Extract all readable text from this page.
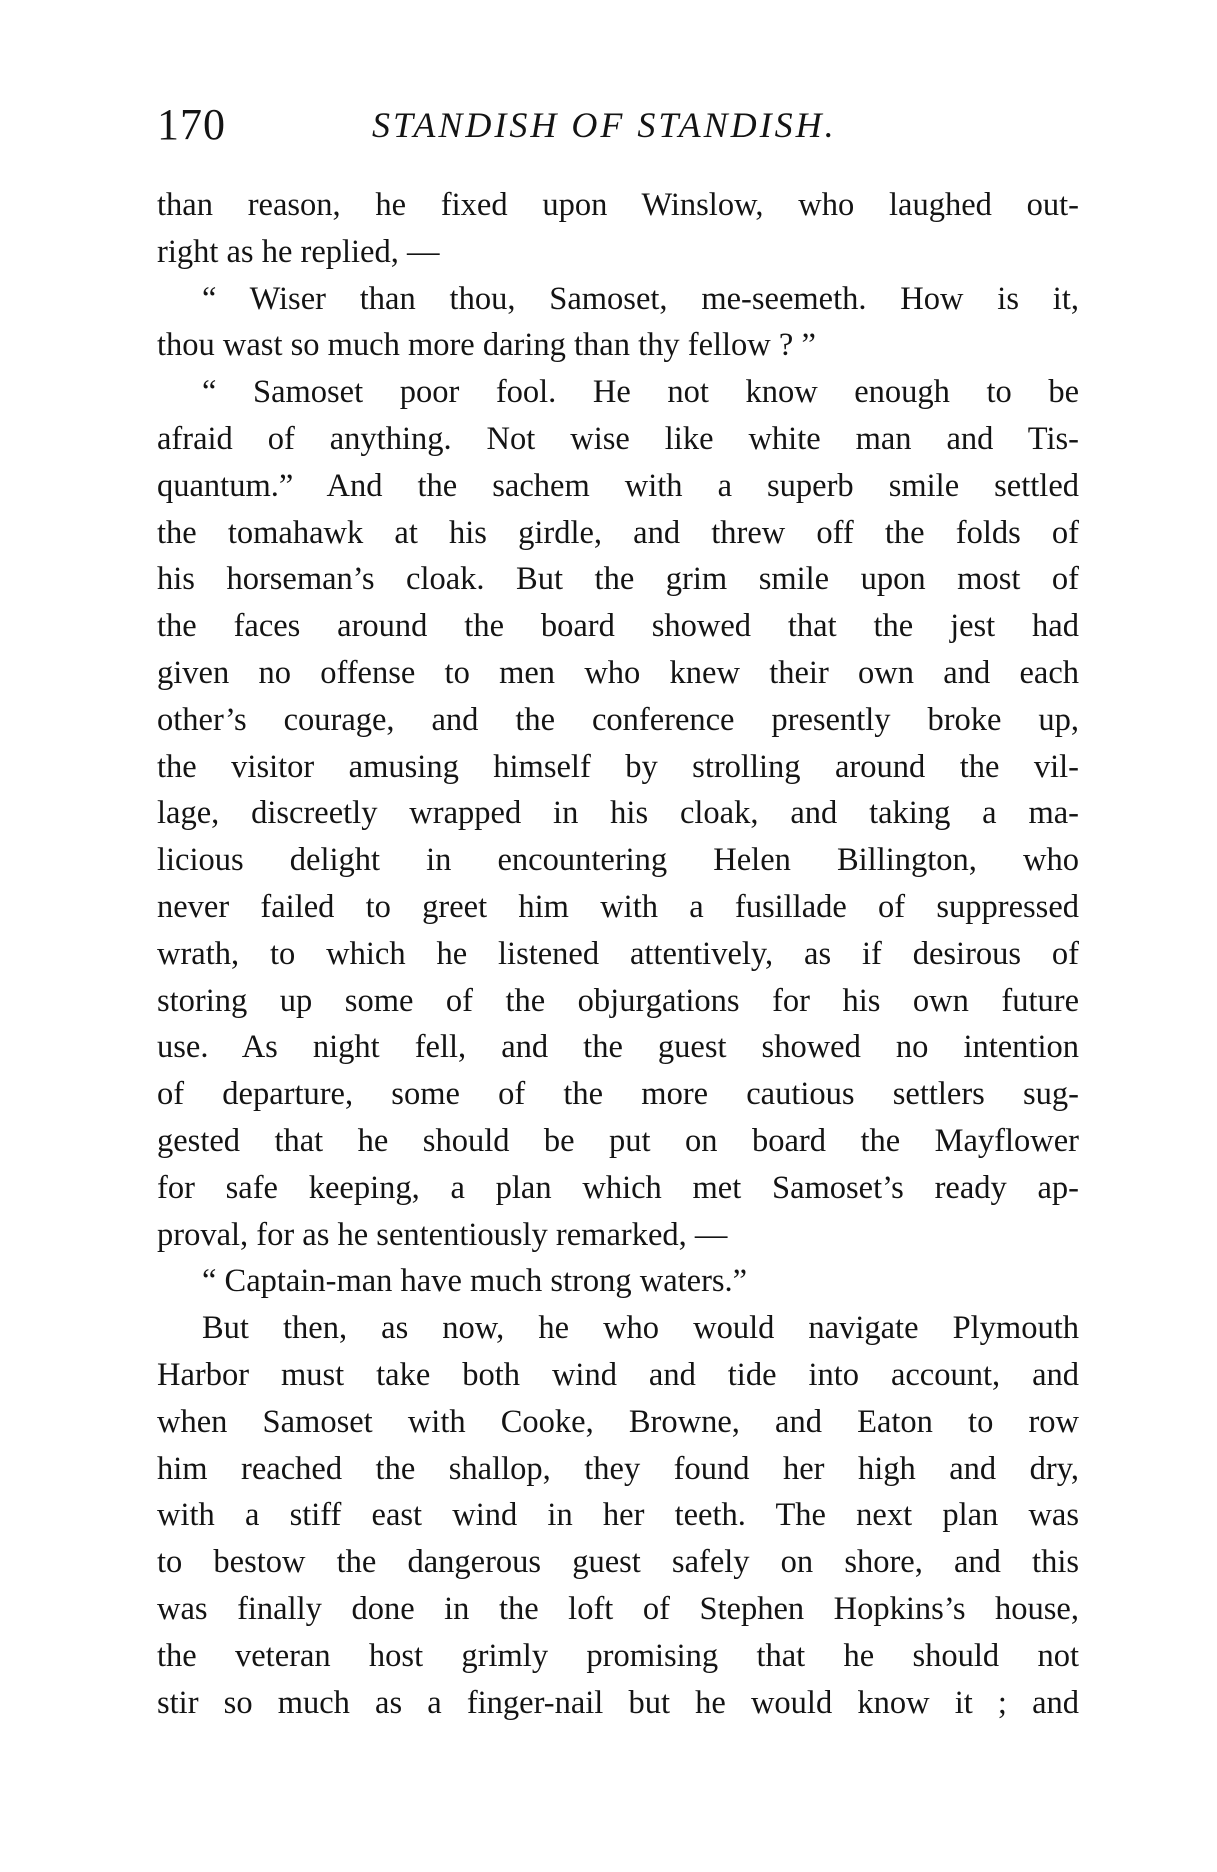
170	STANDISH OF STANDISH.
than reason, he fixed upon Winslow, who laughed out-
right as he replied, —
“ Wiser than thou, Samoset, me-seemeth. How is it,
thou wast so much more daring than thy fellow ? ”
“ Samoset poor fool. He not know enough to be
afraid of anything. Not wise like white man and Tis-
quantum.” And the sachem with a superb smile settled
the tomahawk at his girdle, and threw off the folds of
his horseman’s cloak. But the grim smile upon most of
the faces around the board showed that the jest had
given no offense to men who knew their own and each
other’s courage, and the conference presently broke up,
the visitor amusing himself by strolling around the vil-
lage, discreetly wrapped in his cloak, and taking a ma-
licious delight in encountering Helen Billington, who
never failed to greet him with a fusillade of suppressed
wrath, to which he listened attentively, as if desirous of
storing up some of the objurgations for his own future
use. As night fell, and the guest showed no intention
of departure, some of the more cautious settlers sug-
gested that he should be put on board the Mayflower
for safe keeping, a plan which met Samoset’s ready ap-
proval, for as he sententiously remarked, —
“ Captain-man have much strong waters.”
But then, as now, he who would navigate Plymouth
Harbor must take both wind and tide into account, and
when Samoset with Cooke, Browne, and Eaton to row
him reached the shallop, they found her high and dry,
with a stiff east wind in her teeth. The next plan was
to bestow the dangerous guest safely on shore, and this
was finally done in the loft of Stephen Hopkins’s house,
the veteran host grimly promising that he should not
stir so much as a finger-nail but he would know it ; and
